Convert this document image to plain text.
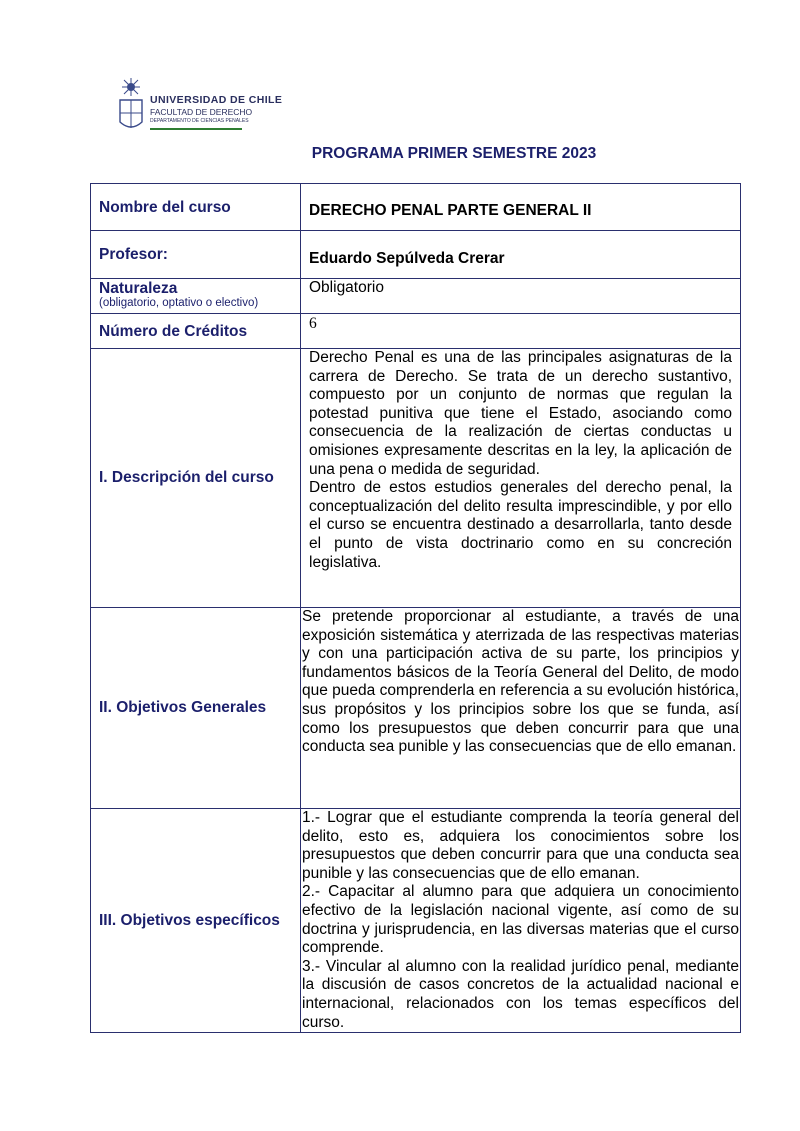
UNIVERSIDAD DE CHILE
FACULTAD DE DERECHO
DEPARTAMENTO DE CIENCIAS PENALES
PROGRAMA PRIMER SEMESTRE 2023
Nombre del curso	DERECHO PENAL PARTE GENERAL II
Profesor:	Eduardo Sepúlveda Crerar

Naturaleza
(obligatorio, optativo o electivo)	Obligatorio
Número de Créditos	6
I. Descripción del curso	Derecho Penal es una de las principales asignaturas de la carrera de Derecho. Se trata de un derecho sustantivo, compuesto por un conjunto de normas que regulan la potestad punitiva que tiene el Estado, asociando como consecuencia de la realización de ciertas conductas u omisiones expresamente descritas en la ley, la aplicación de una pena o medida de seguridad.
Dentro de estos estudios generales del derecho penal, la conceptualización del delito resulta imprescindible, y por ello el curso se encuentra destinado a desarrollarla, tanto desde el punto de vista doctrinario como en su concreción legislativa.

II. Objetivos Generales	Se pretende proporcionar al estudiante, a través de una exposición sistemática y aterrizada de las respectivas materias y con una participación activa de su parte, los principios y fundamentos básicos de la Teoría General del Delito, de modo que pueda comprenderla en referencia a su evolución histórica, sus propósitos y los principios sobre los que se funda, así como los presupuestos que deben concurrir para que una conducta sea punible y las consecuencias que de ello emanan.
III. Objetivos específicos	1.- Lograr que el estudiante comprenda la teoría general del delito, esto es, adquiera los conocimientos sobre los presupuestos que deben concurrir para que una conducta sea punible y las consecuencias que de ello emanan.
2.- Capacitar al alumno para que adquiera un conocimiento efectivo de la legislación nacional vigente, así como de su doctrina y jurisprudencia, en las diversas materias que el curso comprende.
3.- Vincular al alumno con la realidad jurídico penal, mediante la discusión de casos concretos de la actualidad nacional e internacional, relacionados con los temas específicos del curso.
